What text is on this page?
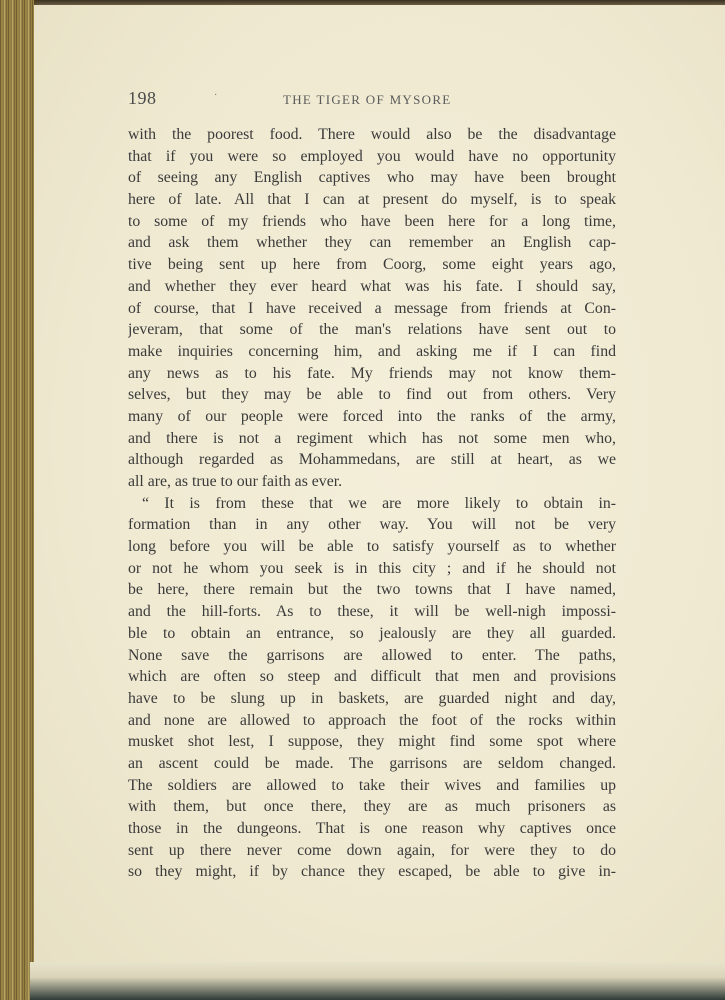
198	·	THE TIGER OF MYSORE
with the poorest food. There would also be the disadvantage
that if you were so employed you would have no opportunity
of seeing any English captives who may have been brought
here of late. All that I can at present do myself, is to speak
to some of my friends who have been here for a long time,
and ask them whether they can remember an English cap-
tive being sent up here from Coorg, some eight years ago,
and whether they ever heard what was his fate. I should say,
of course, that I have received a message from friends at Con-
jeveram, that some of the man's relations have sent out to
make inquiries concerning him, and asking me if I can find
any news as to his fate. My friends may not know them-
selves, but they may be able to find out from others. Very
many of our people were forced into the ranks of the army,
and there is not a regiment which has not some men who,
although regarded as Mohammedans, are still at heart, as we
all are, as true to our faith as ever.
“ It is from these that we are more likely to obtain in-
formation than in any other way. You will not be very
long before you will be able to satisfy yourself as to whether
or not he whom you seek is in this city ; and if he should not
be here, there remain but the two towns that I have named,
and the hill-forts. As to these, it will be well-nigh impossi-
ble to obtain an entrance, so jealously are they all guarded.
None save the garrisons are allowed to enter. The paths,
which are often so steep and difficult that men and provisions
have to be slung up in baskets, are guarded night and day,
and none are allowed to approach the foot of the rocks within
musket shot lest, I suppose, they might find some spot where
an ascent could be made. The garrisons are seldom changed.
The soldiers are allowed to take their wives and families up
with them, but once there, they are as much prisoners as
those in the dungeons. That is one reason why captives once
sent up there never come down again, for were they to do
so they might, if by chance they escaped, be able to give in-
